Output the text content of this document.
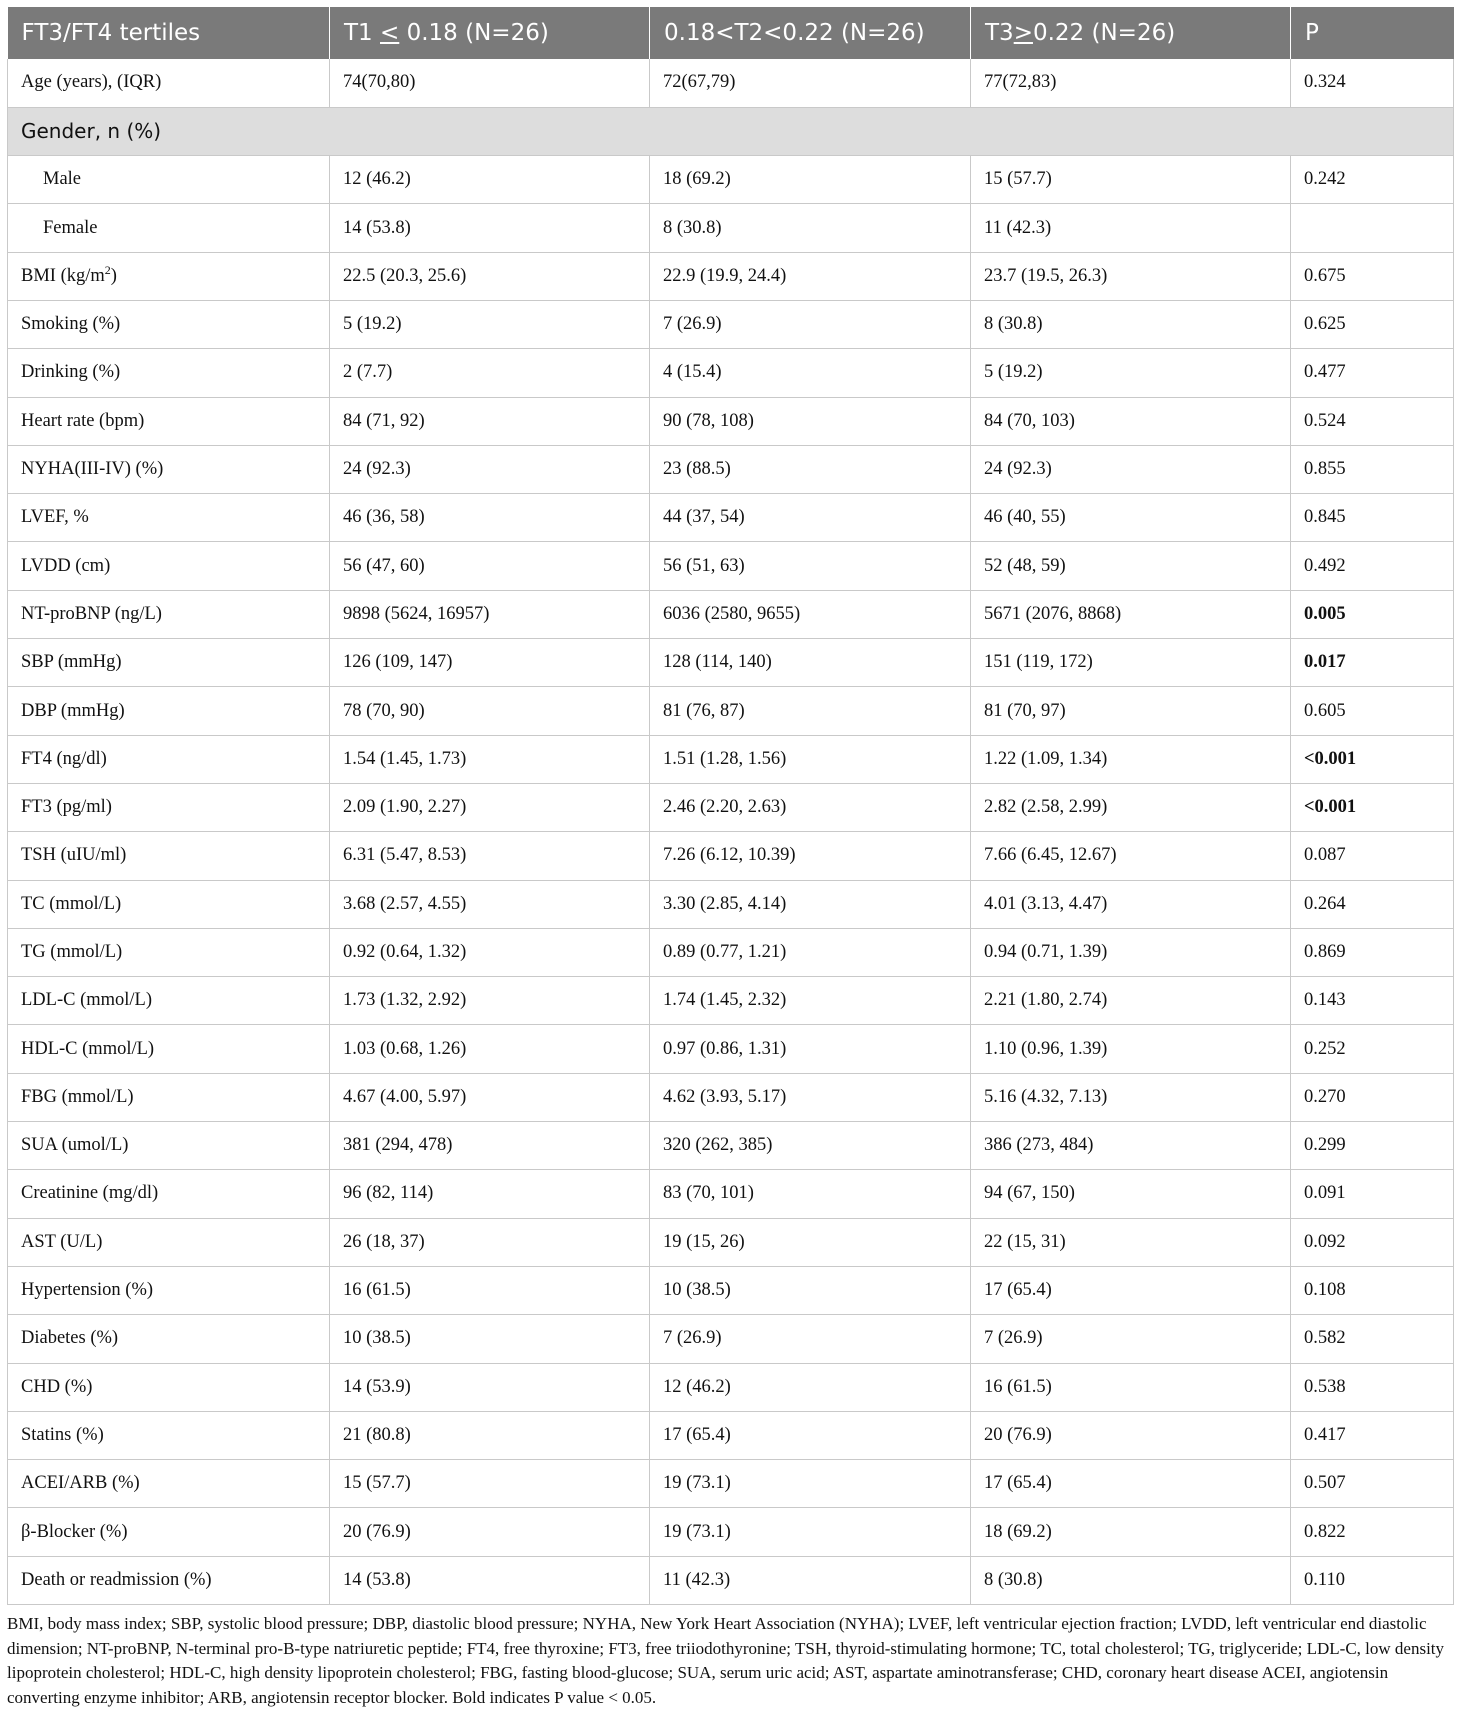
FT3/FT4 tertiles	T1 < 0.18 (N=26)	0.18<T2<0.22 (N=26)	T3>0.22 (N=26)	P
Age (years), (IQR)	74(70,80)	72(67,79)	77(72,83)	0.324
Gender, n (%)				
Male	12 (46.2)	18 (69.2)	15 (57.7)	0.242
Female	14 (53.8)	8 (30.8)	11 (42.3)	
BMI $(kg/m^2)$	22.5 (20.3, 25.6)	22.9 (19.9, 24.4)	23.7 (19.5, 26.3)	0.675
Smoking (%)	5 (19.2)	7 (26.9)	8 (30.8)	0.625
Drinking (%)	2 (7.7)	4 (15.4)	5 (19.2)	0.477
Heart rate (bpm)	84 (71, 92)	90 (78, 108)	84 (70, 103)	0.524
NYHA(III-IV) (%)	24 (92.3)	23 (88.5)	24 (92.3)	0.855
LVEF, %	46 (36, 58)	44 (37, 54)	46 (40, 55)	0.845
LVDD (cm)	56 (47, 60)	56 (51, 63)	52 (48, 59)	0.492
NT-proBNP (ng/L)	9898 (5624, 16957)	6036 (2580, 9655)	5671 (2076, 8868)	0.005
SBP (mmHg)	126 (109, 147)	128 (114, 140)	151 (119, 172)	0.017
DBP (mmHg)	78 (70, 90)	81 (76, 87)	81 (70, 97)	0.605
FT4 (ng/dl)	1.54 (1.45, 1.73)	1.51 (1.28, 1.56)	1.22 (1.09, 1.34)	<0.001
FT3 (pg/ml)	2.09 (1.90, 2.27)	2.46 (2.20, 2.63)	2.82 (2.58, 2.99)	<0.001
TSH (uIU/ml)	6.31 (5.47, 8.53)	7.26 (6.12, 10.39)	7.66 (6.45, 12.67)	0.087
TC (mmol/L)	3.68 (2.57, 4.55)	3.30 (2.85, 4.14)	4.01 (3.13, 4.47)	0.264
TG (mmol/L)	0.92 (0.64, 1.32)	0.89 (0.77, 1.21)	0.94 (0.71, 1.39)	0.869
LDL-C (mmol/L)	1.73 (1.32, 2.92)	1.74 (1.45, 2.32)	2.21 (1.80, 2.74)	0.143
HDL-C (mmol/L)	1.03 (0.68, 1.26)	0.97 (0.86, 1.31)	1.10 (0.96, 1.39)	0.252
FBG (mmol/L)	4.67 (4.00, 5.97)	4.62 (3.93, 5.17)	5.16 (4.32, 7.13)	0.270
SUA (umol/L)	381 (294, 478)	320 (262, 385)	386 (273, 484)	0.299
Creatinine (mg/dl)	96 (82, 114)	83 (70, 101)	94 (67, 150)	0.091
AST (U/L)	26 (18, 37)	19 (15, 26)	22 (15, 31)	0.092
Hypertension (%)	16 (61.5)	10 (38.5)	17 (65.4)	0.108
Diabetes (%)	10 (38.5)	7 (26.9)	7 (26.9)	0.582
CHD (%)	14 (53.9)	12 (46.2)	16 (61.5)	0.538
Statins (%)	21 (80.8)	17 (65.4)	20 (76.9)	0.417
ACEI/ARB (%)	15 (57.7)	19 (73.1)	17 (65.4)	0.507
β-Blocker (%)	20 (76.9)	19 (73.1)	18 (69.2)	0.822
Death or readmission (%)	14 (53.8)	11 (42.3)	8 (30.8)	0.110
BMI, body mass index; SBP, systolic blood pressure; DBP, diastolic blood pressure; NYHA, New York Heart Association (NYHA); LVEF, left ventricular ejection fraction; LVDD, left ventricular end diastolic dimension; NT-proBNP, N-terminal pro-B-type natriuretic peptide; FT4, free thyroxine; FT3, free triiodothyronine; TSH, thyroid-stimulating hormone; TC, total cholesterol; TG, triglyceride; LDL-C, low density lipoprotein cholesterol; HDL-C, high density lipoprotein cholesterol; FBG, fasting blood-glucose; SUA, serum uric acid; AST, aspartate aminotransferase; CHD, coronary heart disease ACEI, angiotensin converting enzyme inhibitor; ARB, angiotensin receptor blocker. Bold indicates P value < 0.05.
